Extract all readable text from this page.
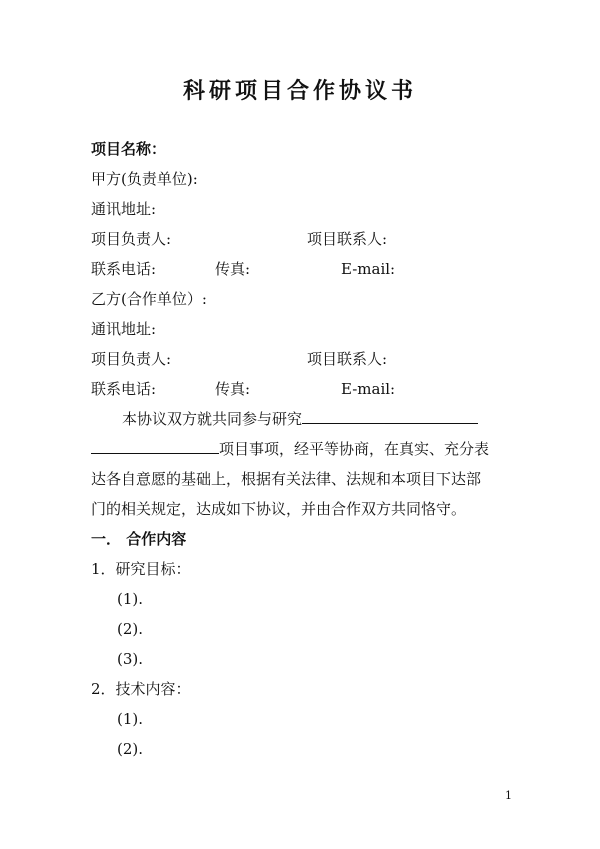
科研项目合作协议书
项目名称：
甲方(负责单位):
通讯地址:
项目负责人:	项目联系人:
联系电话:	传真:	E-mail:
乙方(合作单位）:
通讯地址:
项目负责人:	项目联系人:
联系电话:	传真:	E-mail:
本协议双方就共同参与研究
项目事项，经平等协商，在真实、充分表
达各自意愿的基础上，根据有关法律、法规和本项目下达部
门的相关规定，达成如下协议，并由合作双方共同恪守。
一． 合作内容
1．研究目标：
(1).
(2).
(3).
2．技术内容：
(1).
(2).
1
